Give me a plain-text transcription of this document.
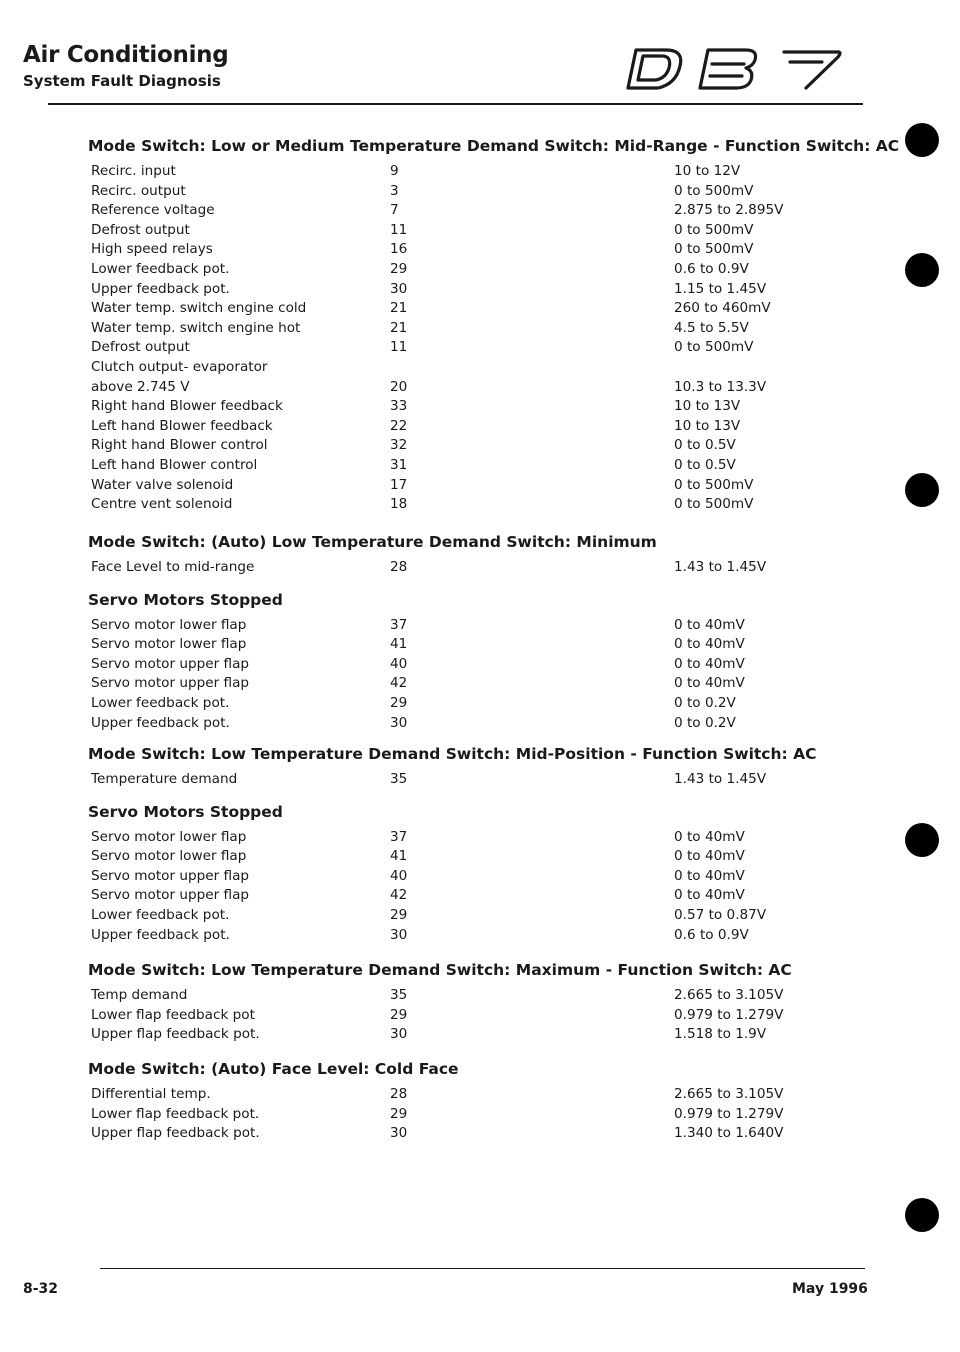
Air Conditioning
System Fault Diagnosis
Mode Switch: Low or Medium Temperature Demand Switch: Mid-Range - Function Switch: AC
Recirc. input	9	10 to 12V
Recirc. output	3	0 to 500mV
Reference voltage	7	2.875 to 2.895V
Defrost output	11	0 to 500mV
High speed relays	16	0 to 500mV
Lower feedback pot.	29	0.6 to 0.9V
Upper feedback pot.	30	1.15 to 1.45V
Water temp. switch engine cold	21	260 to 460mV
Water temp. switch engine hot	21	4.5 to 5.5V
Defrost output	11	0 to 500mV
Clutch output- evaporator
above 2.745 V	20	10.3 to 13.3V
Right hand Blower feedback	33	10 to 13V
Left hand Blower feedback	22	10 to 13V
Right hand Blower control	32	0 to 0.5V
Left hand Blower control	31	0 to 0.5V
Water valve solenoid	17	0 to 500mV
Centre vent solenoid	18	0 to 500mV
Mode Switch: (Auto) Low Temperature Demand Switch: Minimum
Face Level to mid-range	28	1.43 to 1.45V
Servo Motors Stopped
Servo motor lower flap	37	0 to 40mV
Servo motor lower flap	41	0 to 40mV
Servo motor upper flap	40	0 to 40mV
Servo motor upper flap	42	0 to 40mV
Lower feedback pot.	29	0 to 0.2V
Upper feedback pot.	30	0 to 0.2V
Mode Switch: Low Temperature Demand Switch: Mid-Position - Function Switch: AC
Temperature demand	35	1.43 to 1.45V
Servo Motors Stopped
Servo motor lower flap	37	0 to 40mV
Servo motor lower flap	41	0 to 40mV
Servo motor upper flap	40	0 to 40mV
Servo motor upper flap	42	0 to 40mV
Lower feedback pot.	29	0.57 to 0.87V
Upper feedback pot.	30	0.6 to 0.9V
Mode Switch: Low Temperature Demand Switch: Maximum - Function Switch: AC
Temp demand	35	2.665 to 3.105V
Lower flap feedback pot	29	0.979 to 1.279V
Upper flap feedback pot.	30	1.518 to 1.9V
Mode Switch: (Auto) Face Level: Cold Face
Differential temp.	28	2.665 to 3.105V
Lower flap feedback pot.	29	0.979 to 1.279V
Upper flap feedback pot.	30	1.340 to 1.640V
8-32	May 1996
